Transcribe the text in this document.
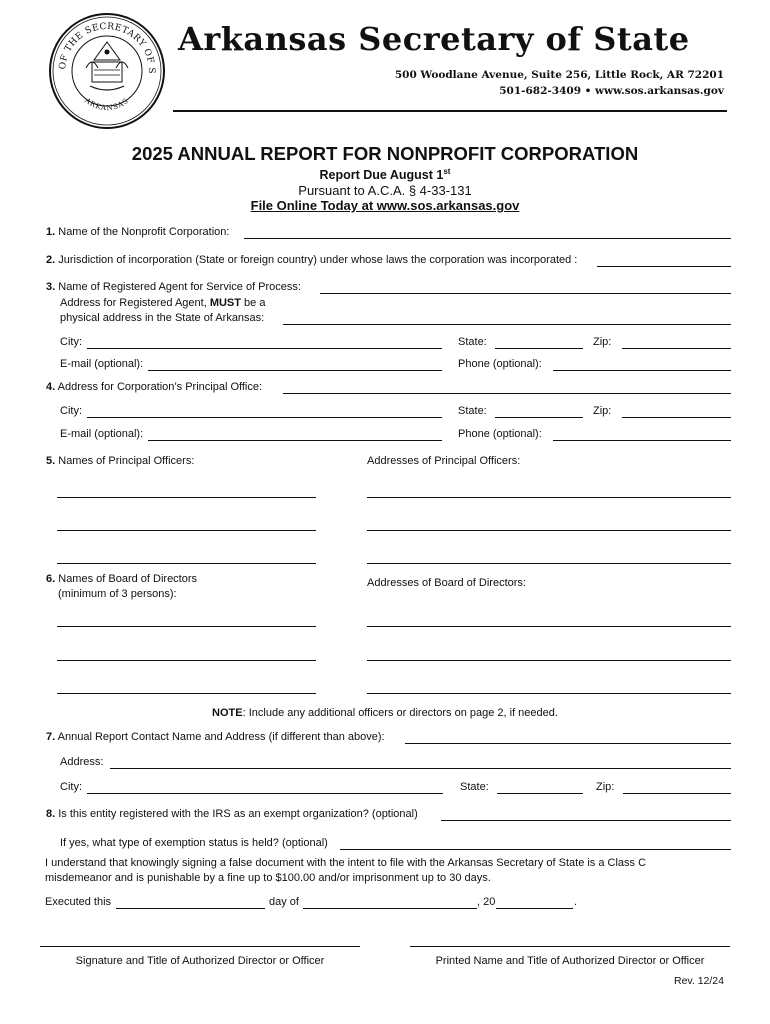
OF THE SECRETARY OF S
ARKANSAS
Arkansas Secretary of State
500 Woodlane Avenue, Suite 256, Little Rock, AR 72201
501-682-3409 • www.sos.arkansas.gov
2025 ANNUAL REPORT FOR NONPROFIT CORPORATION
Report Due August 1st
Pursuant to A.C.A. § 4-33-131
File Online Today at www.sos.arkansas.gov
1. Name of the Nonprofit Corporation:
2. Jurisdiction of incorporation (State or foreign country) under whose laws the corporation was incorporated :
3. Name of Registered Agent for Service of Process:
Address for Registered Agent, MUST be a
physical address in the State of Arkansas:
City:	State:	Zip:
E-mail (optional):	Phone (optional):
4. Address for Corporation’s Principal Office:
City:	State:	Zip:
E-mail (optional):	Phone (optional):
5. Names of Principal Officers:	Addresses of Principal Officers:
6. Names of Board of Directors
(minimum of 3 persons):
Addresses of Board of Directors:
NOTE: Include any additional officers or directors on page 2, if needed.
7. Annual Report Contact Name and Address (if different than above):
Address:
City:	State:	Zip:
8. Is this entity registered with the IRS as an exempt organization? (optional)
If yes, what type of exemption status is held? (optional)
I understand that knowingly signing a false document with the intent to file with the Arkansas Secretary of State is a Class C
misdemeanor and is punishable by a fine up to $100.00 and/or imprisonment up to 30 days.
Executed this	day of	, 20	.
Signature and Title of Authorized Director or Officer	Printed Name and Title of Authorized Director or Officer
Rev. 12/24
